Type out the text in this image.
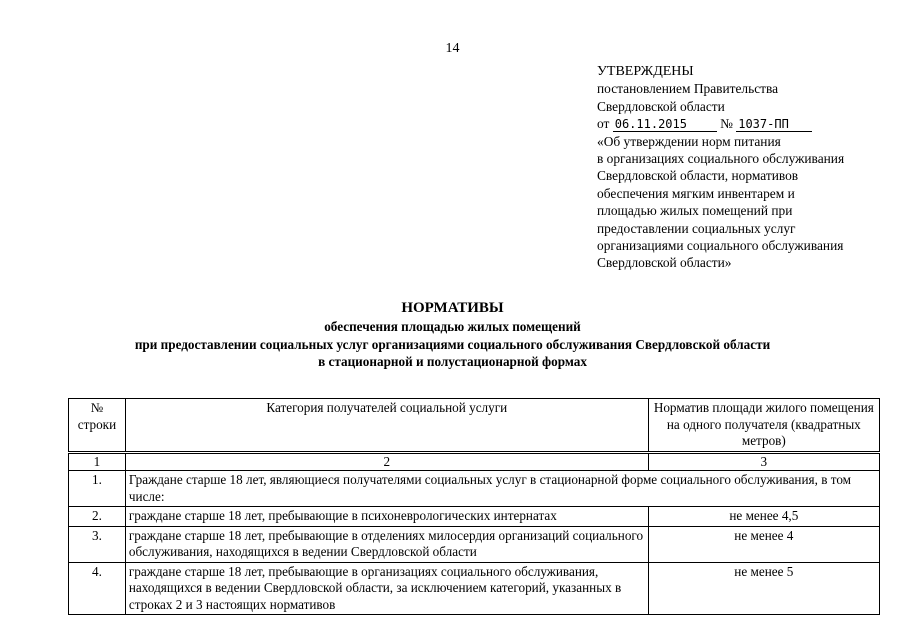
14
УТВЕРЖДЕНЫ
постановлением Правительства
Свердловской области
от 06.11.2015 № 1037-ПП
«Об утверждении норм питания
в организациях социального обслуживания
Свердловской области, нормативов
обеспечения мягким инвентарем и
площадью жилых помещений при
предоставлении социальных услуг
организациями социального обслуживания
Свердловской области»
НОРМАТИВЫ
обеспечения площадью жилых помещений
при предоставлении социальных услуг организациями социального обслуживания Свердловской области
в стационарной и полустационарной формах
№ строки	Категория получателей социальной услуги	Норматив площади жилого помещения на одного получателя (квадратных метров)
1	2	3
1.	Граждане старше 18 лет, являющиеся получателями социальных услуг в стационарной форме социального обслуживания, в том числе:	
2.	граждане старше 18 лет, пребывающие в психоневрологических интернатах	не менее 4,5
3.	граждане старше 18 лет, пребывающие в отделениях милосердия организаций социального обслуживания, находящихся в ведении Свердловской области	не менее 4
4.	граждане старше 18 лет, пребывающие в организациях социального обслуживания, находящихся в ведении Свердловской области, за исключением категорий, указанных в строках 2 и 3 настоящих нормативов	не менее 5
